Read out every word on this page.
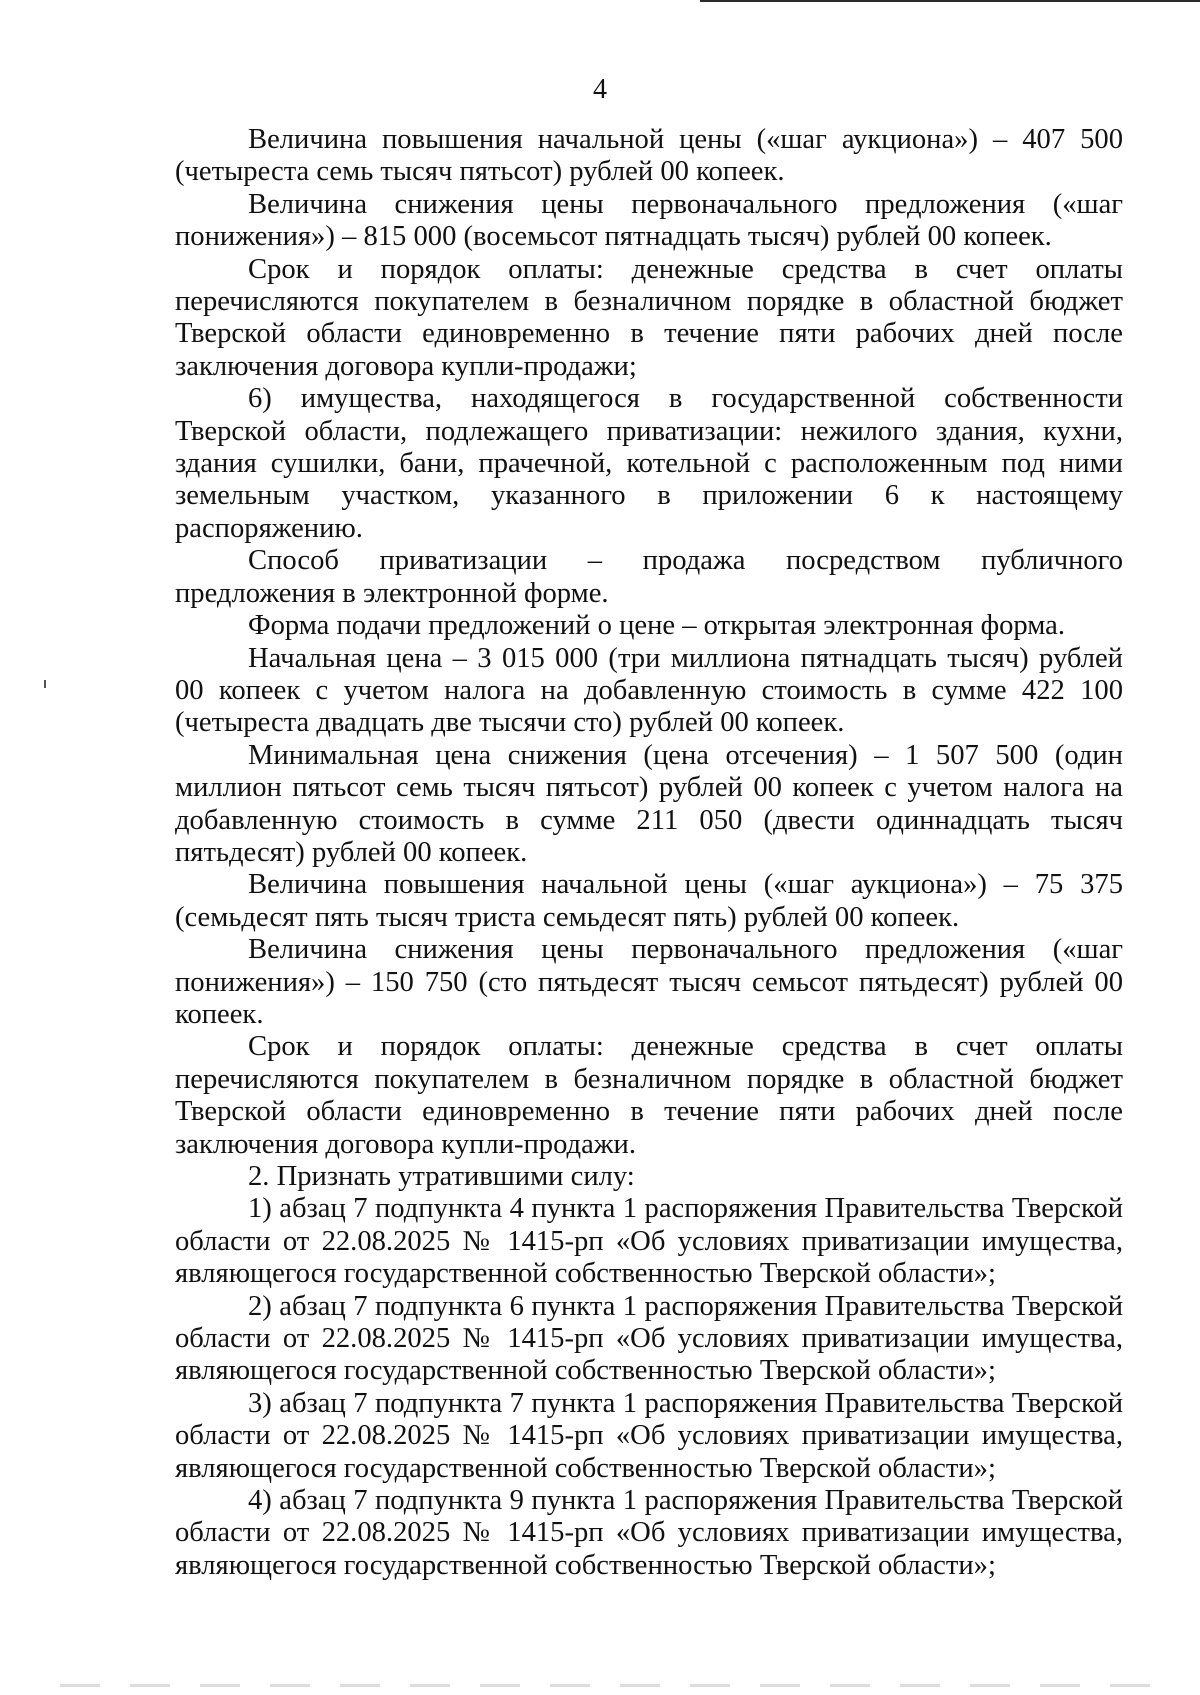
4

Величина повышения начальной цены («шаг аукциона») – 407 500 (четыреста семь тысяч пятьсот) рублей 00 копеек.

Величина снижения цены первоначального предложения («шаг понижения») – 815 000 (восемьсот пятнадцать тысяч) рублей 00 копеек.

Срок и порядок оплаты: денежные средства в счет оплаты перечисляются покупателем в безналичном порядке в областной бюджет Тверской области единовременно в течение пяти рабочих дней после заключения договора купли-продажи;

6) имущества, находящегося в государственной собственности Тверской области, подлежащего приватизации: нежилого здания, кухни, здания сушилки, бани, прачечной, котельной с расположенным под ними земельным участком, указанного в приложении 6 к настоящему распоряжению.

Способ приватизации – продажа посредством публичного предложения в электронной форме.

Форма подачи предложений о цене – открытая электронная форма.

Начальная цена – 3 015 000 (три миллиона пятнадцать тысяч) рублей 00 копеек с учетом налога на добавленную стоимость в сумме 422 100 (четыреста двадцать две тысячи сто) рублей 00 копеек.

Минимальная цена снижения (цена отсечения) – 1 507 500 (один миллион пятьсот семь тысяч пятьсот) рублей 00 копеек с учетом налога на добавленную стоимость в сумме 211 050 (двести одиннадцать тысяч пятьдесят) рублей 00 копеек.

Величина повышения начальной цены («шаг аукциона») – 75 375 (семьдесят пять тысяч триста семьдесят пять) рублей 00 копеек.

Величина снижения цены первоначального предложения («шаг понижения») – 150 750 (сто пятьдесят тысяч семьсот пятьдесят) рублей 00 копеек.

Срок и порядок оплаты: денежные средства в счет оплаты перечисляются покупателем в безналичном порядке в областной бюджет Тверской области единовременно в течение пяти рабочих дней после заключения договора купли-продажи.

2. Признать утратившими силу:

1) абзац 7 подпункта 4 пункта 1 распоряжения Правительства Тверской области от 22.08.2025 № 1415-рп «Об условиях приватизации имущества, являющегося государственной собственностью Тверской области»;

2) абзац 7 подпункта 6 пункта 1 распоряжения Правительства Тверской области от 22.08.2025 № 1415-рп «Об условиях приватизации имущества, являющегося государственной собственностью Тверской области»;

3) абзац 7 подпункта 7 пункта 1 распоряжения Правительства Тверской области от 22.08.2025 № 1415-рп «Об условиях приватизации имущества, являющегося государственной собственностью Тверской области»;

4) абзац 7 подпункта 9 пункта 1 распоряжения Правительства Тверской области от 22.08.2025 № 1415-рп «Об условиях приватизации имущества, являющегося государственной собственностью Тверской области»;
